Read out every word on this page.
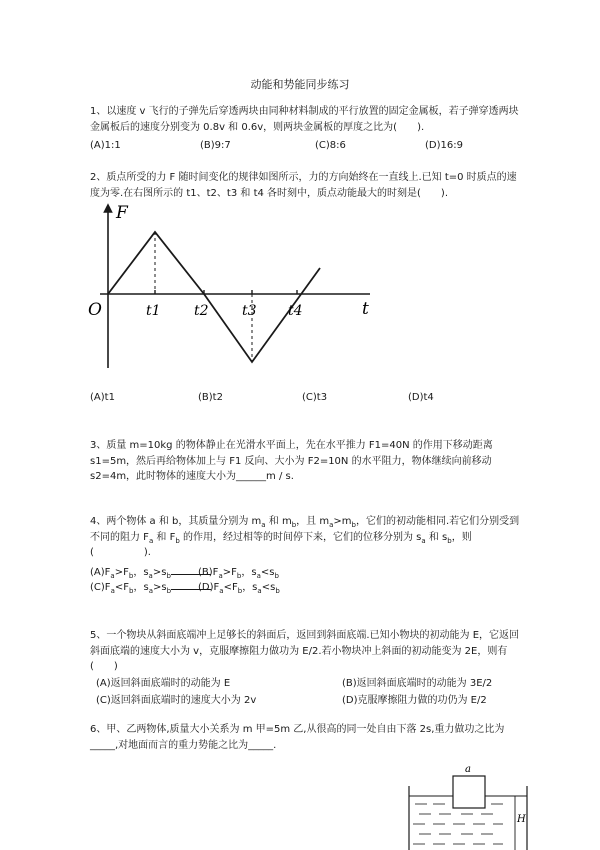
动能和势能同步练习
1、以速度 v 飞行的子弹先后穿透两块由同种材料制成的平行放置的固定金属板，若子弹穿透两块金属板后的速度分别变为 0.8v 和 0.6v，则两块金属板的厚度之比为(　　).
(A)1:1	(B)9:7	(C)8:6	(D)16:9
2、质点所受的力 F 随时间变化的规律如图所示，力的方向始终在一直线上.已知 t=0 时质点的速度为零.在右图所示的 t1、t2、t3 和 t4 各时刻中，质点动能最大的时刻是(　　).
F
t
O	t1 t2 t3 t4
(A)t1	(B)t2	(C)t3	(D)t4
3、质量 m=10kg 的物体静止在光滑水平面上，先在水平推力 F1=40N 的作用下移动距离 s1=5m，然后再给物体加上与 F1 反向、大小为 F2=10N 的水平阻力，物体继续向前移动 s2=4m，此时物体的速度大小为______m / s.
4、两个物体 a 和 b，其质量分别为 $m_a$ 和 $m_b$，且 $m_a>m_b$，它们的初动能相同.若它们分别受到不同的阻力 $F_a$ 和 $F_b$ 的作用，经过相等的时间停下来，它们的位移分别为 $s_a$ 和 $s_b$，则
(　　　　　).
$(A)F_a>F_b$，$s_a>s_b$	$(B)F_a>F_b$，$s_a<s_b$
$(C)F_a<F_b$，$s_a>s_b$	$(D)F_a<F_b$，$s_a<s_b$
5、一个物块从斜面底端冲上足够长的斜面后，返回到斜面底端.已知小物块的初动能为 E，它返回斜面底端的速度大小为 v，克服摩擦阻力做功为 E/2.若小物块冲上斜面的初动能变为 2E，则有(　　)
(A)返回斜面底端时的动能为 E	(B)返回斜面底端时的动能为 3E/2
(C)返回斜面底端时的速度大小为 2v	(D)克服摩擦阻力做的功仍为 E/2
6、甲、乙两物体,质量大小关系为 m 甲=5m 乙,从很高的同一处自由下落 2s,重力做功之比为_____,对地面而言的重力势能之比为_____.
a
H
